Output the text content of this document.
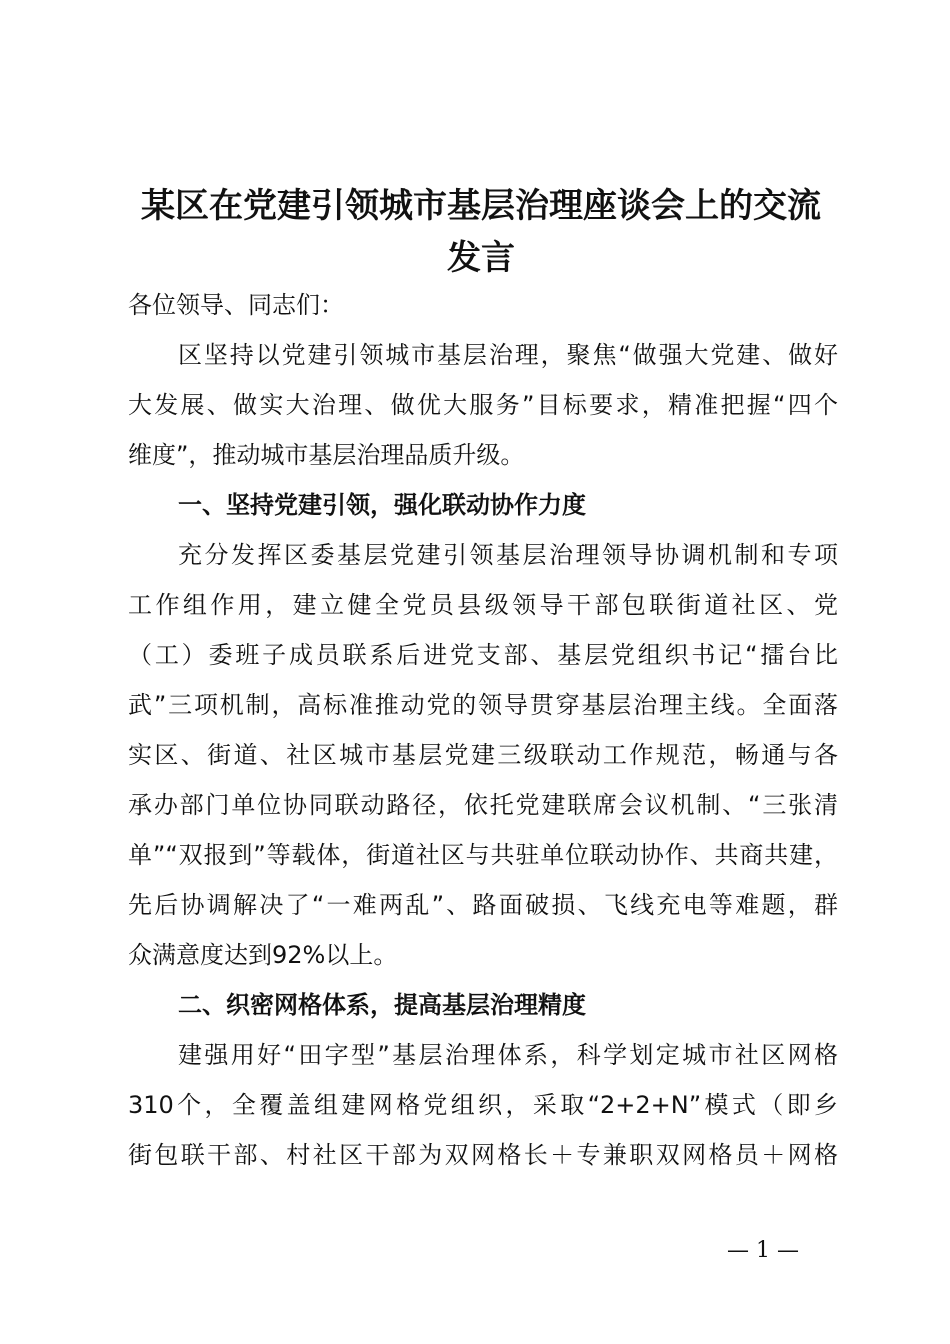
某区在党建引领城市基层治理座谈会上的交流
发言
各位领导、同志们：
区坚持以党建引领城市基层治理，聚焦“做强大党建、做好
大发展、做实大治理、做优大服务”目标要求，精准把握“四个
维度”，推动城市基层治理品质升级。
一、坚持党建引领，强化联动协作力度
充分发挥区委基层党建引领基层治理领导协调机制和专项
工作组作用，建立健全党员县级领导干部包联街道社区、党
（工）委班子成员联系后进党支部、基层党组织书记“擂台比
武”三项机制，高标准推动党的领导贯穿基层治理主线。全面落
实区、街道、社区城市基层党建三级联动工作规范，畅通与各
承办部门单位协同联动路径，依托党建联席会议机制、“三张清
单”“双报到”等载体，街道社区与共驻单位联动协作、共商共建，
先后协调解决了“一难两乱”、路面破损、飞线充电等难题，群
众满意度达到92%以上。
二、织密网格体系，提高基层治理精度
建强用好“田字型”基层治理体系，科学划定城市社区网格
310个，全覆盖组建网格党组织，采取“2+2+N”模式（即乡
街包联干部、村社区干部为双网格长＋专兼职双网格员＋网格
— 1 —
